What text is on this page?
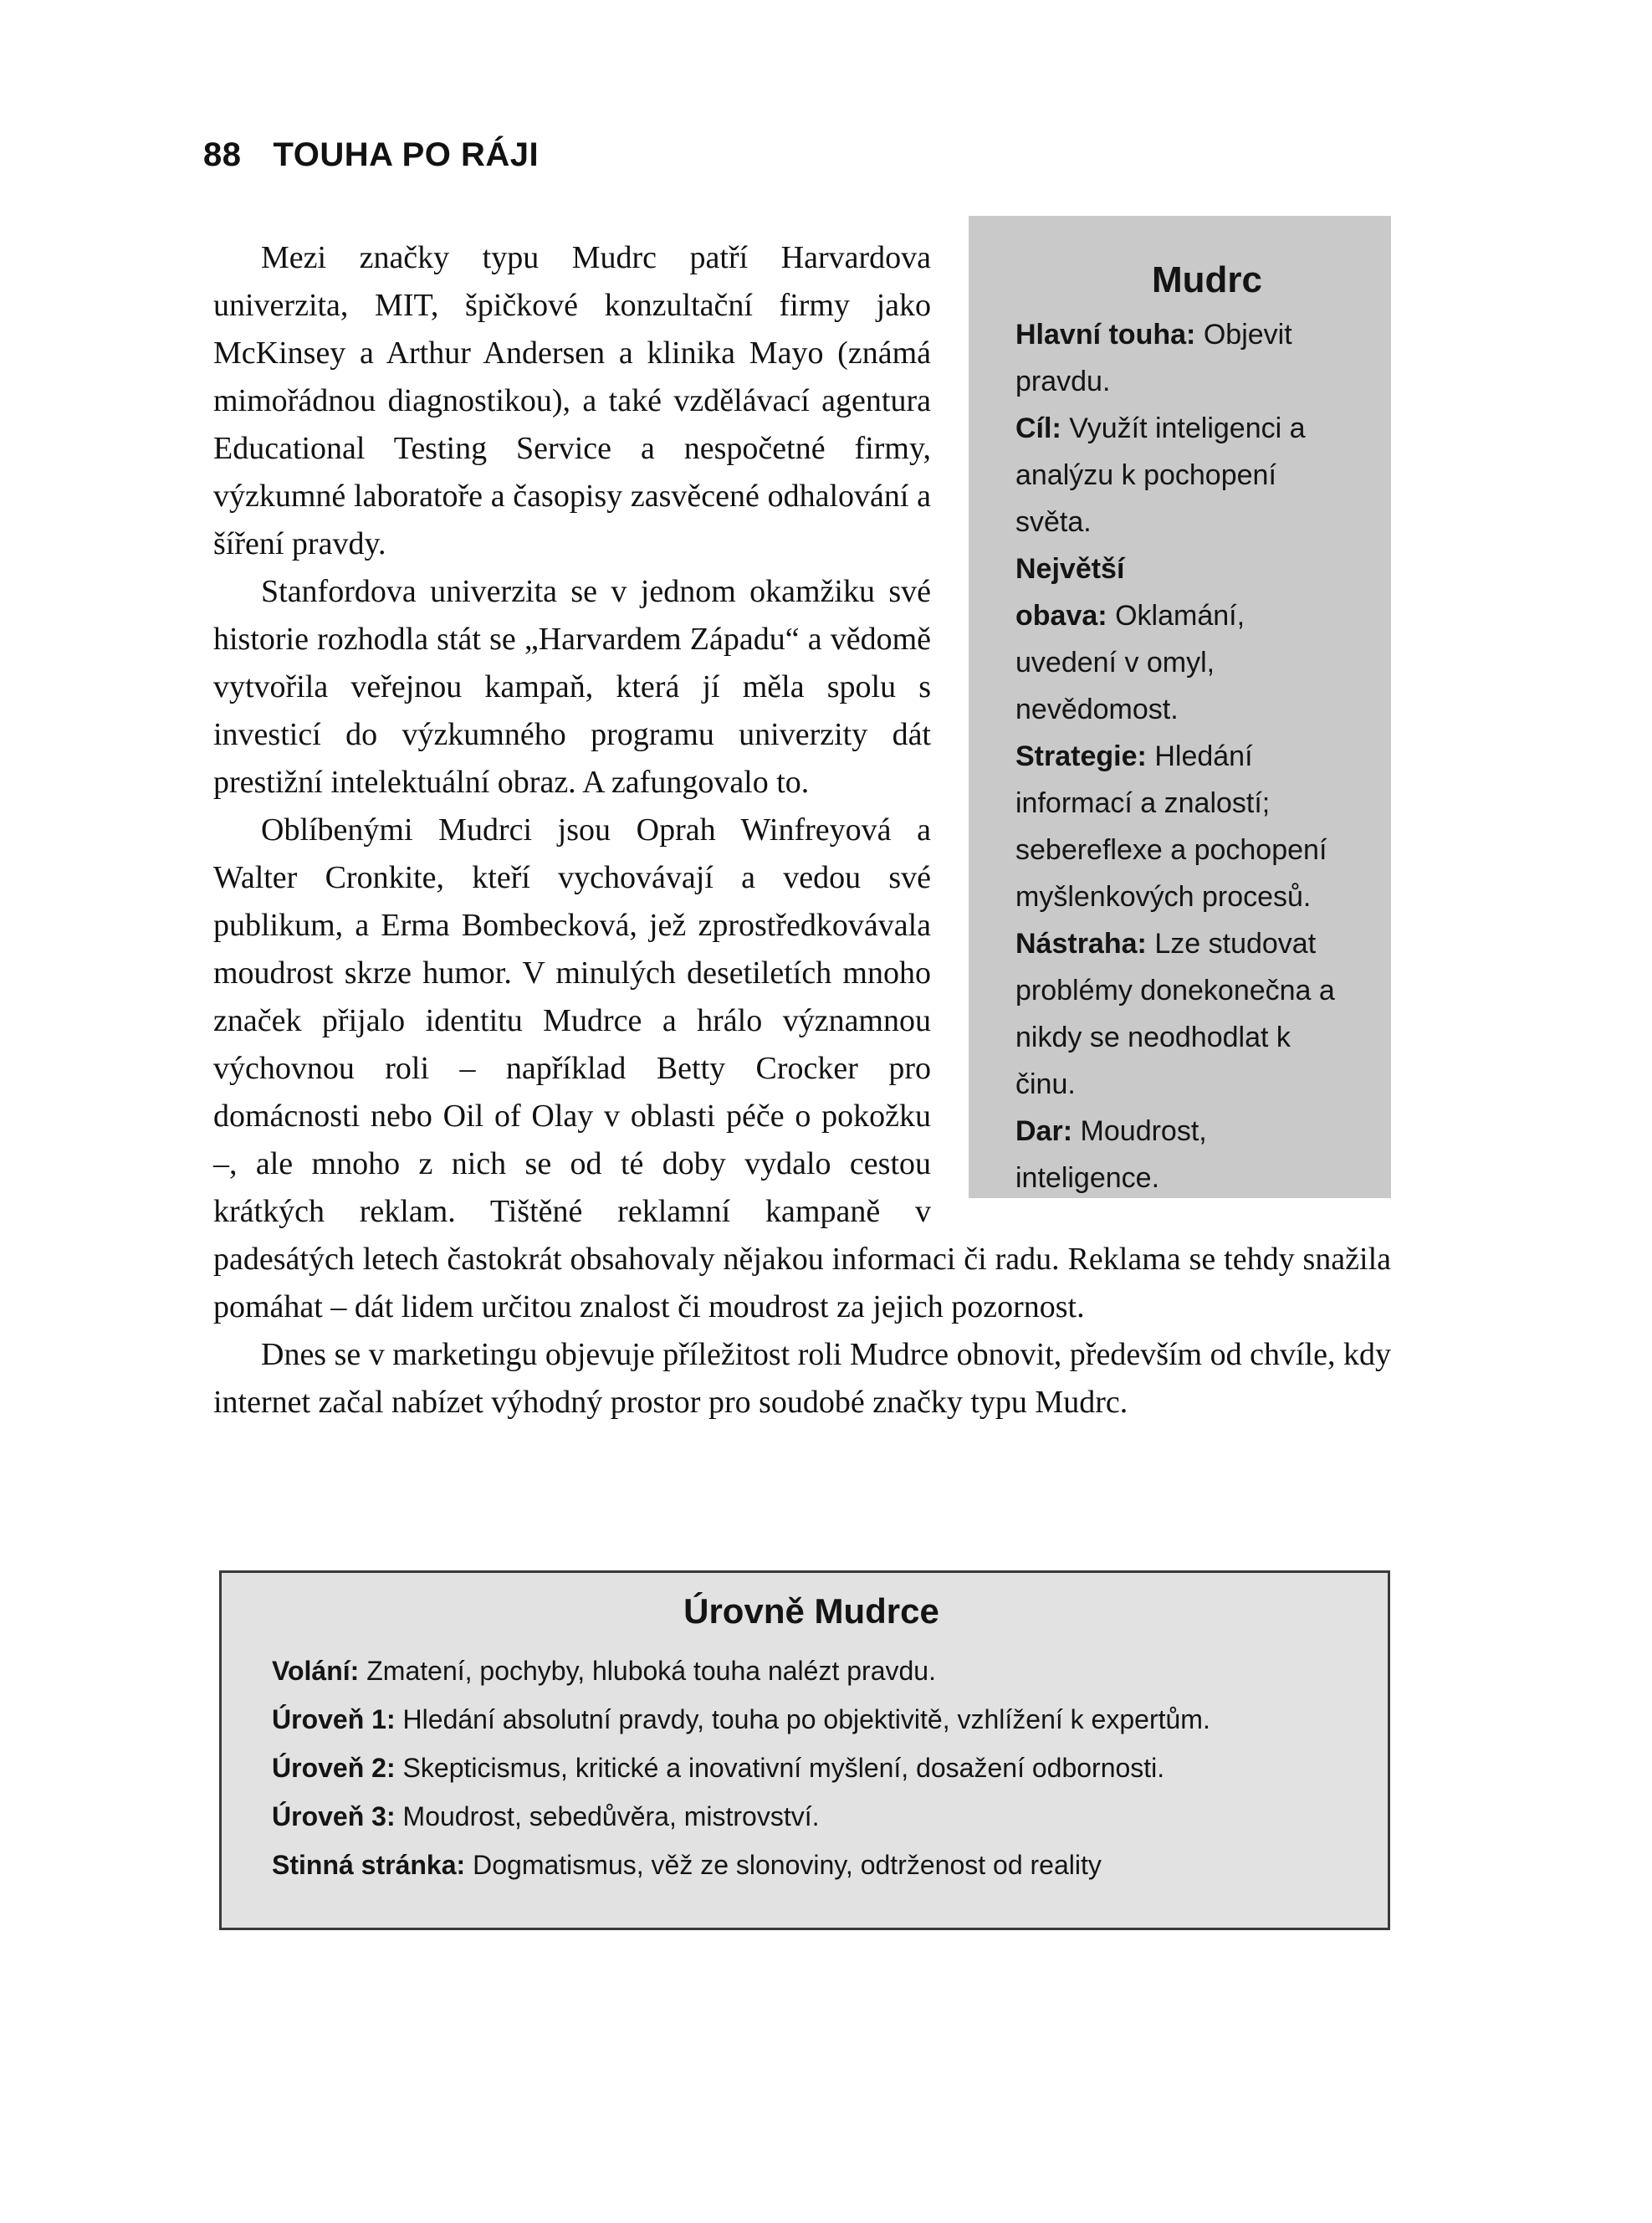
88 TOUHA PO RÁJI

Mudrc

Hlavní touha: Objevit pravdu.

Cíl: Využít inteligenci a analýzu k pochopení světa.

Největší obava: Oklamání, uvedení v omyl, nevědomost.

Strategie: Hledání informací a znalostí; sebereflexe a pochopení myšlenkových procesů.

Nástraha: Lze studovat problémy donekonečna a nikdy se neodhodlat k činu.

Dar: Moudrost, inteligence.

Mezi značky typu Mudrc patří Harvardova univerzita, MIT, špičkové konzultační firmy jako McKinsey a Arthur Andersen a klinika Mayo (známá mimořádnou diagnostikou), a také vzdělávací agentura Educational Testing Service a nespočetné firmy, výzkumné laboratoře a časopisy zasvěcené odhalování a šíření pravdy.

Stanfordova univerzita se v jednom okamžiku své historie rozhodla stát se „Harvardem Západu“ a vědomě vytvořila veřejnou kampaň, která jí měla spolu s investicí do výzkumného programu univerzity dát prestižní intelektuální obraz. A zafungovalo to.

Oblíbenými Mudrci jsou Oprah Winfreyová a Walter Cronkite, kteří vychovávají a vedou své publikum, a Erma Bombecková, jež zprostředkovávala moudrost skrze humor. V minulých desetiletích mnoho značek přijalo identitu Mudrce a hrálo významnou výchovnou roli – například Betty Crocker pro domácnosti nebo Oil of Olay v oblasti péče o pokožku –, ale mnoho z nich se od té doby vydalo cestou krátkých reklam. Tištěné reklamní kampaně v padesátých letech častokrát obsahovaly nějakou informaci či radu. Reklama se tehdy snažila pomáhat – dát lidem určitou znalost či moudrost za jejich pozornost.

Dnes se v marketingu objevuje příležitost roli Mudrce obnovit, především od chvíle, kdy internet začal nabízet výhodný prostor pro soudobé značky typu Mudrc.

Úrovně Mudrce

Volání: Zmatení, pochyby, hluboká touha nalézt pravdu.

Úroveň 1: Hledání absolutní pravdy, touha po objektivitě, vzhlížení k expertům.

Úroveň 2: Skepticismus, kritické a inovativní myšlení, dosažení odbornosti.

Úroveň 3: Moudrost, sebedůvěra, mistrovství.

Stinná stránka: Dogmatismus, věž ze slonoviny, odtrženost od reality
